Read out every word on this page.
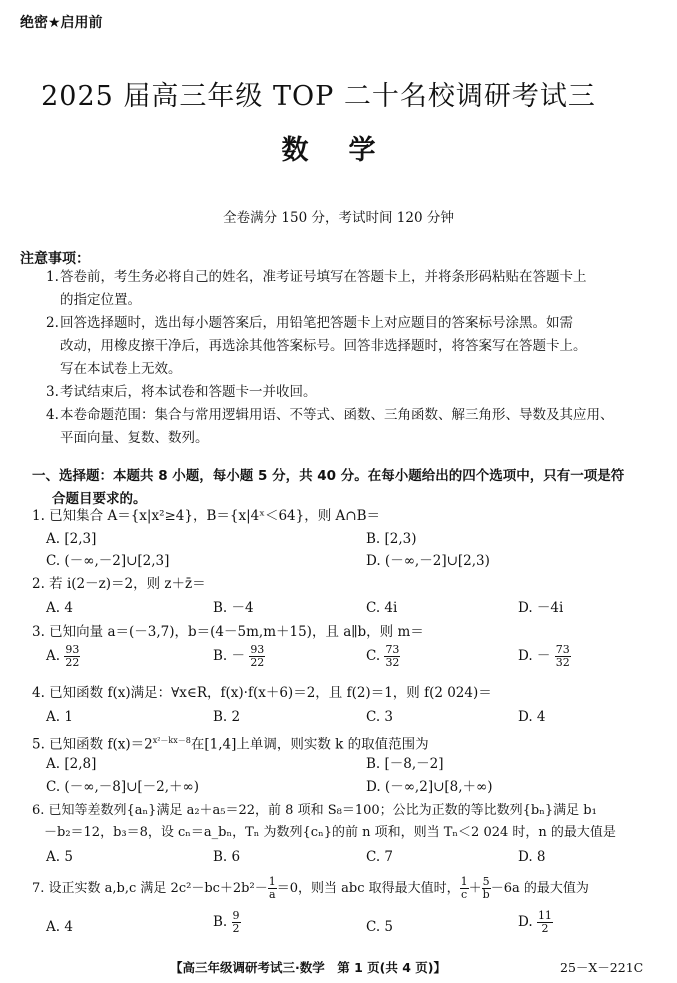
绝密★启用前
2025 届高三年级 TOP 二十名校调研考试三
数学
全卷满分 150 分，考试时间 120 分钟
注意事项：
1. 答卷前，考生务必将自己的姓名，准考证号填写在答题卡上，并将条形码粘贴在答题卡上
的指定位置。
2. 回答选择题时，选出每小题答案后，用铅笔把答题卡上对应题目的答案标号涂黑。如需
改动，用橡皮擦干净后，再选涂其他答案标号。回答非选择题时，将答案写在答题卡上。
写在本试卷上无效。
3. 考试结束后，将本试卷和答题卡一并收回。
4. 本卷命题范围：集合与常用逻辑用语、不等式、函数、三角函数、解三角形、导数及其应用、
平面向量、复数、数列。
一、选择题：本题共 8 小题，每小题 5 分，共 40 分。在每小题给出的四个选项中，只有一项是符
合题目要求的。
1. 已知集合 A＝{x|x²≥4}，B＝{x|4ˣ＜64}，则 A∩B＝
A. [2,3]	B. [2,3)
C. (－∞,－2]∪[2,3]	D. (－∞,－2]∪[2,3)
2. 若 i(2－z)＝2，则 z＋z̄＝
A. 4	B. －4	C. 4i	D. －4i
3. 已知向量 a＝(－3,7)，b＝(4－5m,m＋15)，且 a∥b，则 m＝
A. $\frac{93}{22}$	B. － $\frac{93}{22}$	C. $\frac{73}{32}$	D. － $\frac{73}{32}$
4. 已知函数 f(x)满足：∀x∈R，f(x)·f(x＋6)＝2，且 f(2)＝1，则 f(2 024)＝
A. 1	B. 2	C. 3	D. 4
5. 已知函数 $f(x)=2^{x^2-kx-8}$在[1,4]上单调，则实数 k 的取值范围为
A. [2,8]	B. [－8,－2]
C. (－∞,－8]∪[－2,＋∞)	D. (－∞,2]∪[8,＋∞)
6. 已知等差数列{aₙ}满足 a₂＋a₅＝22，前 8 项和 S₈＝100；公比为正数的等比数列{bₙ}满足 b₁
－b₂＝12，b₃＝8，设 cₙ＝a_bₙ，Tₙ 为数列{cₙ}的前 n 项和，则当 Tₙ＜2 024 时，n 的最大值是
A. 5	B. 6	C. 7	D. 8
7. 设正实数 a,b,c 满足 $2c^2-bc+2b^2- \frac{1}{a} =0$，则当 abc 取得最大值时， $\frac{1}{c} + \frac{5}{b} -6a$ 的最大值为
A. 4	B. $\frac{9}{2}$	C. 5	D. $\frac{11}{2}$
【高三年级调研考试三·数学　第 1 页(共 4 页)】	25－X－221C
